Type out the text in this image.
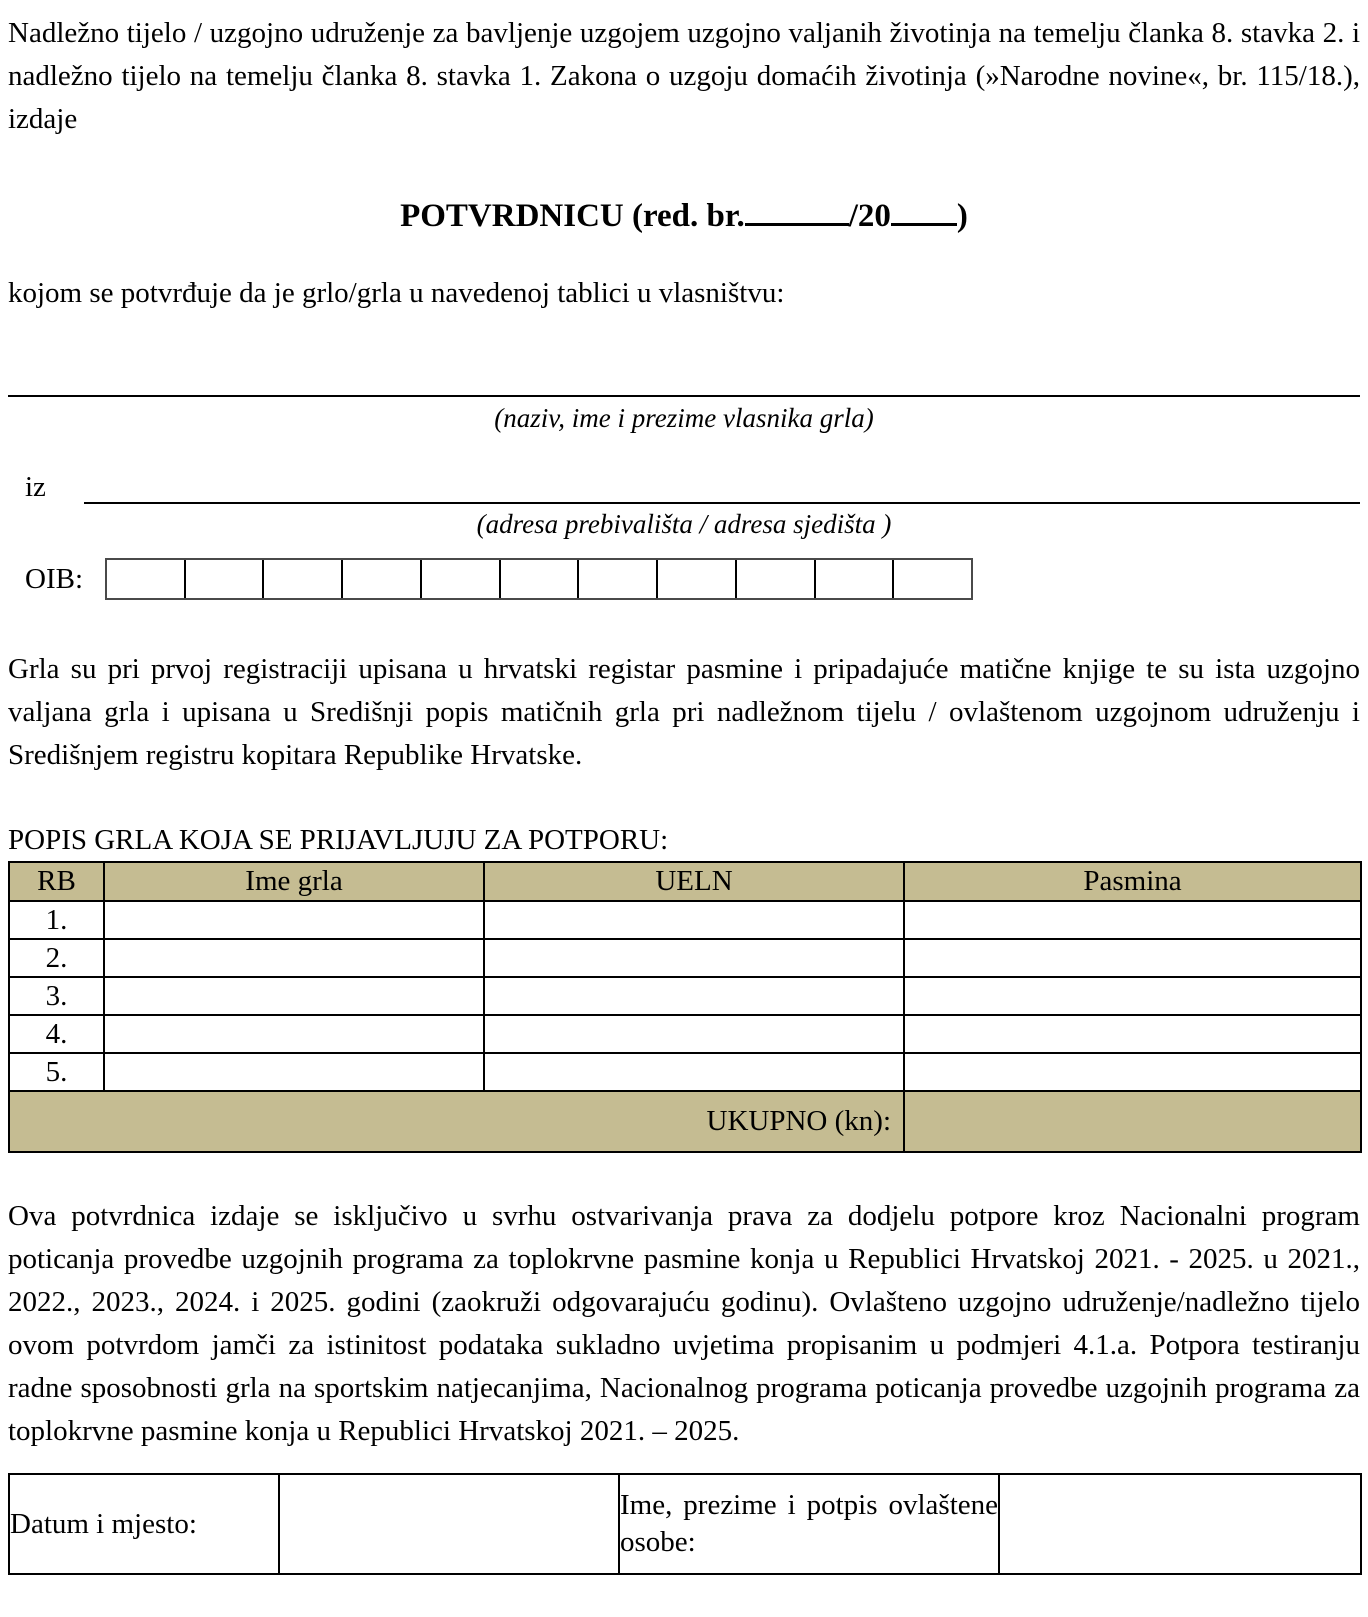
Nadležno tijelo / uzgojno udruženje za bavljenje uzgojem uzgojno valjanih životinja na temelju članka 8. stavka 2. i nadležno tijelo na temelju članka 8. stavka 1. Zakona o uzgoju domaćih životinja (»Narodne novine«, br. 115/18.), izdaje
POTVRDNICU (red. br.	/20 )
kojom se potvrđuje da je grlo/grla u navedenoj tablici u vlasništvu:
(naziv, ime i prezime vlasnika grla)
iz
(adresa prebivališta / adresa sjedišta )
OIB:
Grla su pri prvoj registraciji upisana u hrvatski registar pasmine i pripadajuće matične knjige te su ista uzgojno valjana grla i upisana u Središnji popis matičnih grla pri nadležnom tijelu / ovlaštenom uzgojnom udruženju i Središnjem registru kopitara Republike Hrvatske.
POPIS GRLA KOJA SE PRIJAVLJUJU ZA POTPORU:
RB	Ime grla	UELN	Pasmina
1.			
2.			
3.			
4.			
5.			
UKUPNO (kn):			
Ova potvrdnica izdaje se isključivo u svrhu ostvarivanja prava za dodjelu potpore kroz Nacionalni program poticanja provedbe uzgojnih programa za toplokrvne pasmine konja u Republici Hrvatskoj 2021. - 2025. u 2021., 2022., 2023., 2024. i 2025. godini (zaokruži odgovarajuću godinu). Ovlašteno uzgojno udruženje/nadležno tijelo ovom potvrdom jamči za istinitost podataka sukladno uvjetima propisanim u podmjeri 4.1.a. Potpora testiranju radne sposobnosti grla na sportskim natjecanjima, Nacionalnog programa poticanja provedbe uzgojnih programa za toplokrvne pasmine konja u Republici Hrvatskoj 2021. – 2025.
Datum i mjesto:		
Ime, prezime i potpis ovlaštene osobe:
